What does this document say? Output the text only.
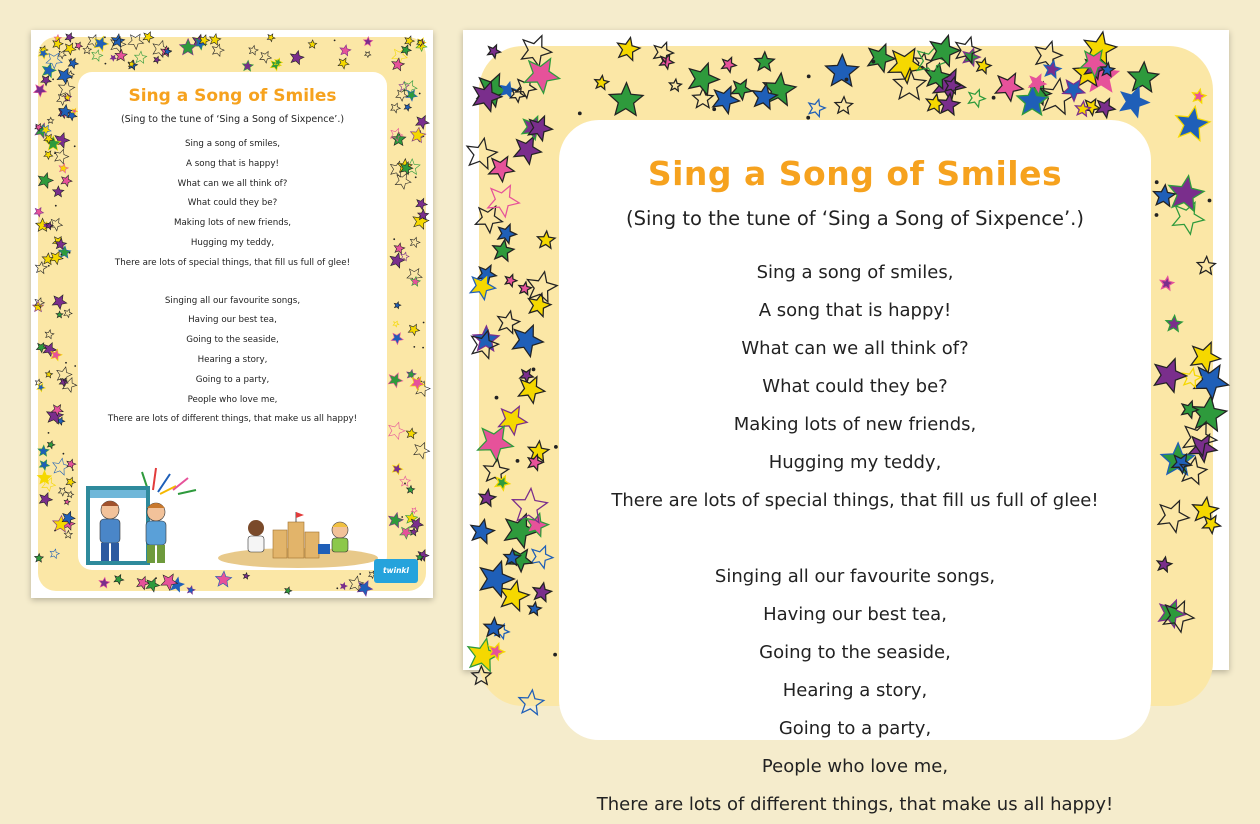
Sing a Song of Smiles

(Sing to the tune of ‘Sing a Song of Sixpence’.)

Sing a song of smiles,
A song that is happy!
What can we all think of?
What could they be?
Making lots of new friends,
Hugging my teddy,
There are lots of special things, that fill us full of glee!
Singing all our favourite songs,
Having our best tea,
Going to the seaside,
Hearing a story,
Going to a party,
People who love me,
There are lots of different things, that make us all happy!
twinkl
Sing a Song of Smiles

(Sing to the tune of ‘Sing a Song of Sixpence’.)

Sing a song of smiles,
A song that is happy!
What can we all think of?
What could they be?
Making lots of new friends,
Hugging my teddy,
There are lots of special things, that fill us full of glee!
Singing all our favourite songs,
Having our best tea,
Going to the seaside,
Hearing a story,
Going to a party,
People who love me,
There are lots of different things, that make us all happy!
